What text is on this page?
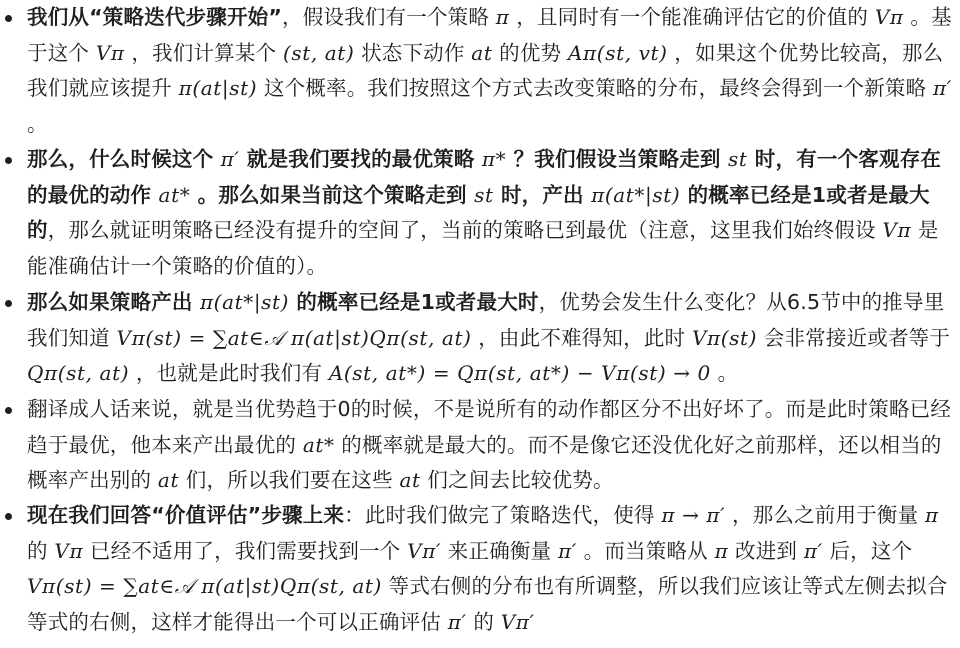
我们从“策略迭代步骤开始”，假设我们有一个策略 π ，且同时有一个能准确评估它的价值的 Vπ 。基于这个 Vπ ，我们计算某个 (st, at) 状态下动作 at 的优势 Aπ(st, vt) ，如果这个优势比较高，那么我们就应该提升 π(at|st) 这个概率。我们按照这个方式去改变策略的分布，最终会得到一个新策略 π′ 。
那么，什么时候这个 π′ 就是我们要找的最优策略 π* ？我们假设当策略走到 st 时，有一个客观存在的最优的动作 at* 。那么如果当前这个策略走到 st 时，产出 π(at*|st) 的概率已经是1或者是最大的，那么就证明策略已经没有提升的空间了，当前的策略已到最优（注意，这里我们始终假设 Vπ 是能准确估计一个策略的价值的）。
那么如果策略产出 π(at*|st) 的概率已经是1或者最大时，优势会发生什么变化？从6.5节中的推导里我们知道 Vπ(st) = ∑at∈𝒜 π(at|st)Qπ(st, at) ，由此不难得知，此时 Vπ(st) 会非常接近或者等于 Qπ(st, at) ，也就是此时我们有 A(st, at*) = Qπ(st, at*) − Vπ(st) → 0 。
翻译成人话来说，就是当优势趋于0的时候，不是说所有的动作都区分不出好坏了。而是此时策略已经趋于最优，他本来产出最优的 at* 的概率就是最大的。而不是像它还没优化好之前那样，还以相当的概率产出别的 at 们，所以我们要在这些 at 们之间去比较优势。
现在我们回答“价值评估”步骤上来：此时我们做完了策略迭代，使得 π → π′ ，那么之前用于衡量 π 的 Vπ 已经不适用了，我们需要找到一个 Vπ′ 来正确衡量 π′ 。而当策略从 π 改进到 π′ 后，这个 Vπ(st) = ∑at∈𝒜 π(at|st)Qπ(st, at) 等式右侧的分布也有所调整，所以我们应该让等式左侧去拟合等式的右侧，这样才能得出一个可以正确评估 π′ 的 Vπ′
